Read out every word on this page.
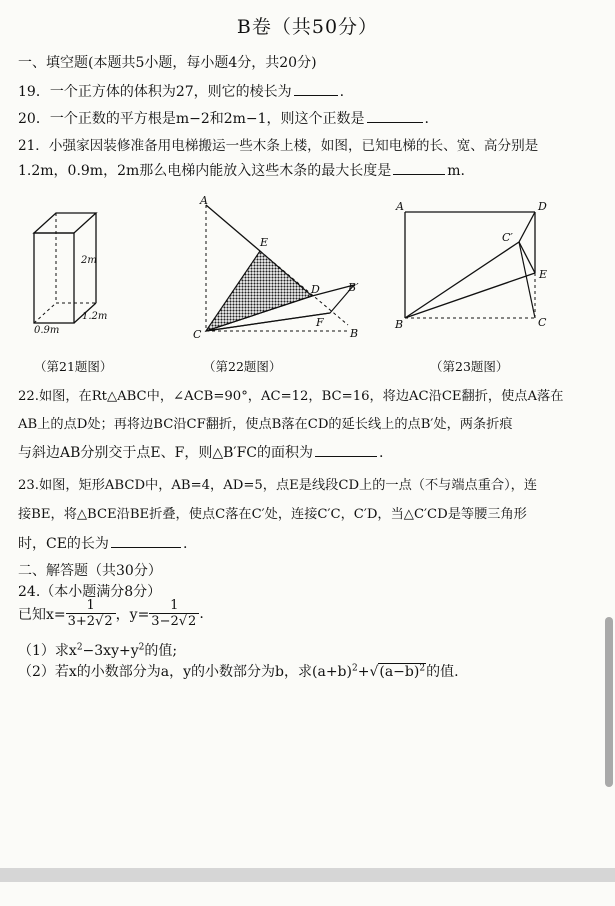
B卷（共50分）
一、填空题(本题共5小题，每小题4分，共20分)
19．一个正方体的体积为27，则它的棱长为	.
20．一个正数的平方根是m−2和2m−1，则这个正数是	.
21．小强家因装修准备用电梯搬运一些木条上楼，如图，已知电梯的长、宽、高分别是
1.2m，0.9m，2m那么电梯内能放入这些木条的最大长度是	m.
2m
1.2m
0.9m
A
E
D	B′
F
C	B
A	D
C′
E
B	C
（第21题图）	（第22题图）	（第23题图）
22.如图，在Rt△ABC中，∠ACB=90°，AC=12，BC=16，将边AC沿CE翻折，使点A落在
AB上的点D处；再将边BC沿CF翻折，使点B落在CD的延长线上的点B′处，两条折痕
与斜边AB分别交于点E、F，则△B′FC的面积为	.
23.如图，矩形ABCD中，AB=4，AD=5，点E是线段CD上的一点（不与端点重合），连
接BE，将△BCE沿BE折叠，使点C落在C′处，连接C′C，C′D，当△C′CD是等腰三角形
时，CE的长为	.
二、解答题（共30分）
24.（本小题满分8分）
已知$x= \frac{1}{3+2√2}$ ，$y= \frac{1}{3-2√2}$ .
（1）求$x^2-3xy+y^2$的值;
（2）若x的小数部分为a，y的小数部分为b，求$(a+b)^2+√(a-b)^2$的值.
